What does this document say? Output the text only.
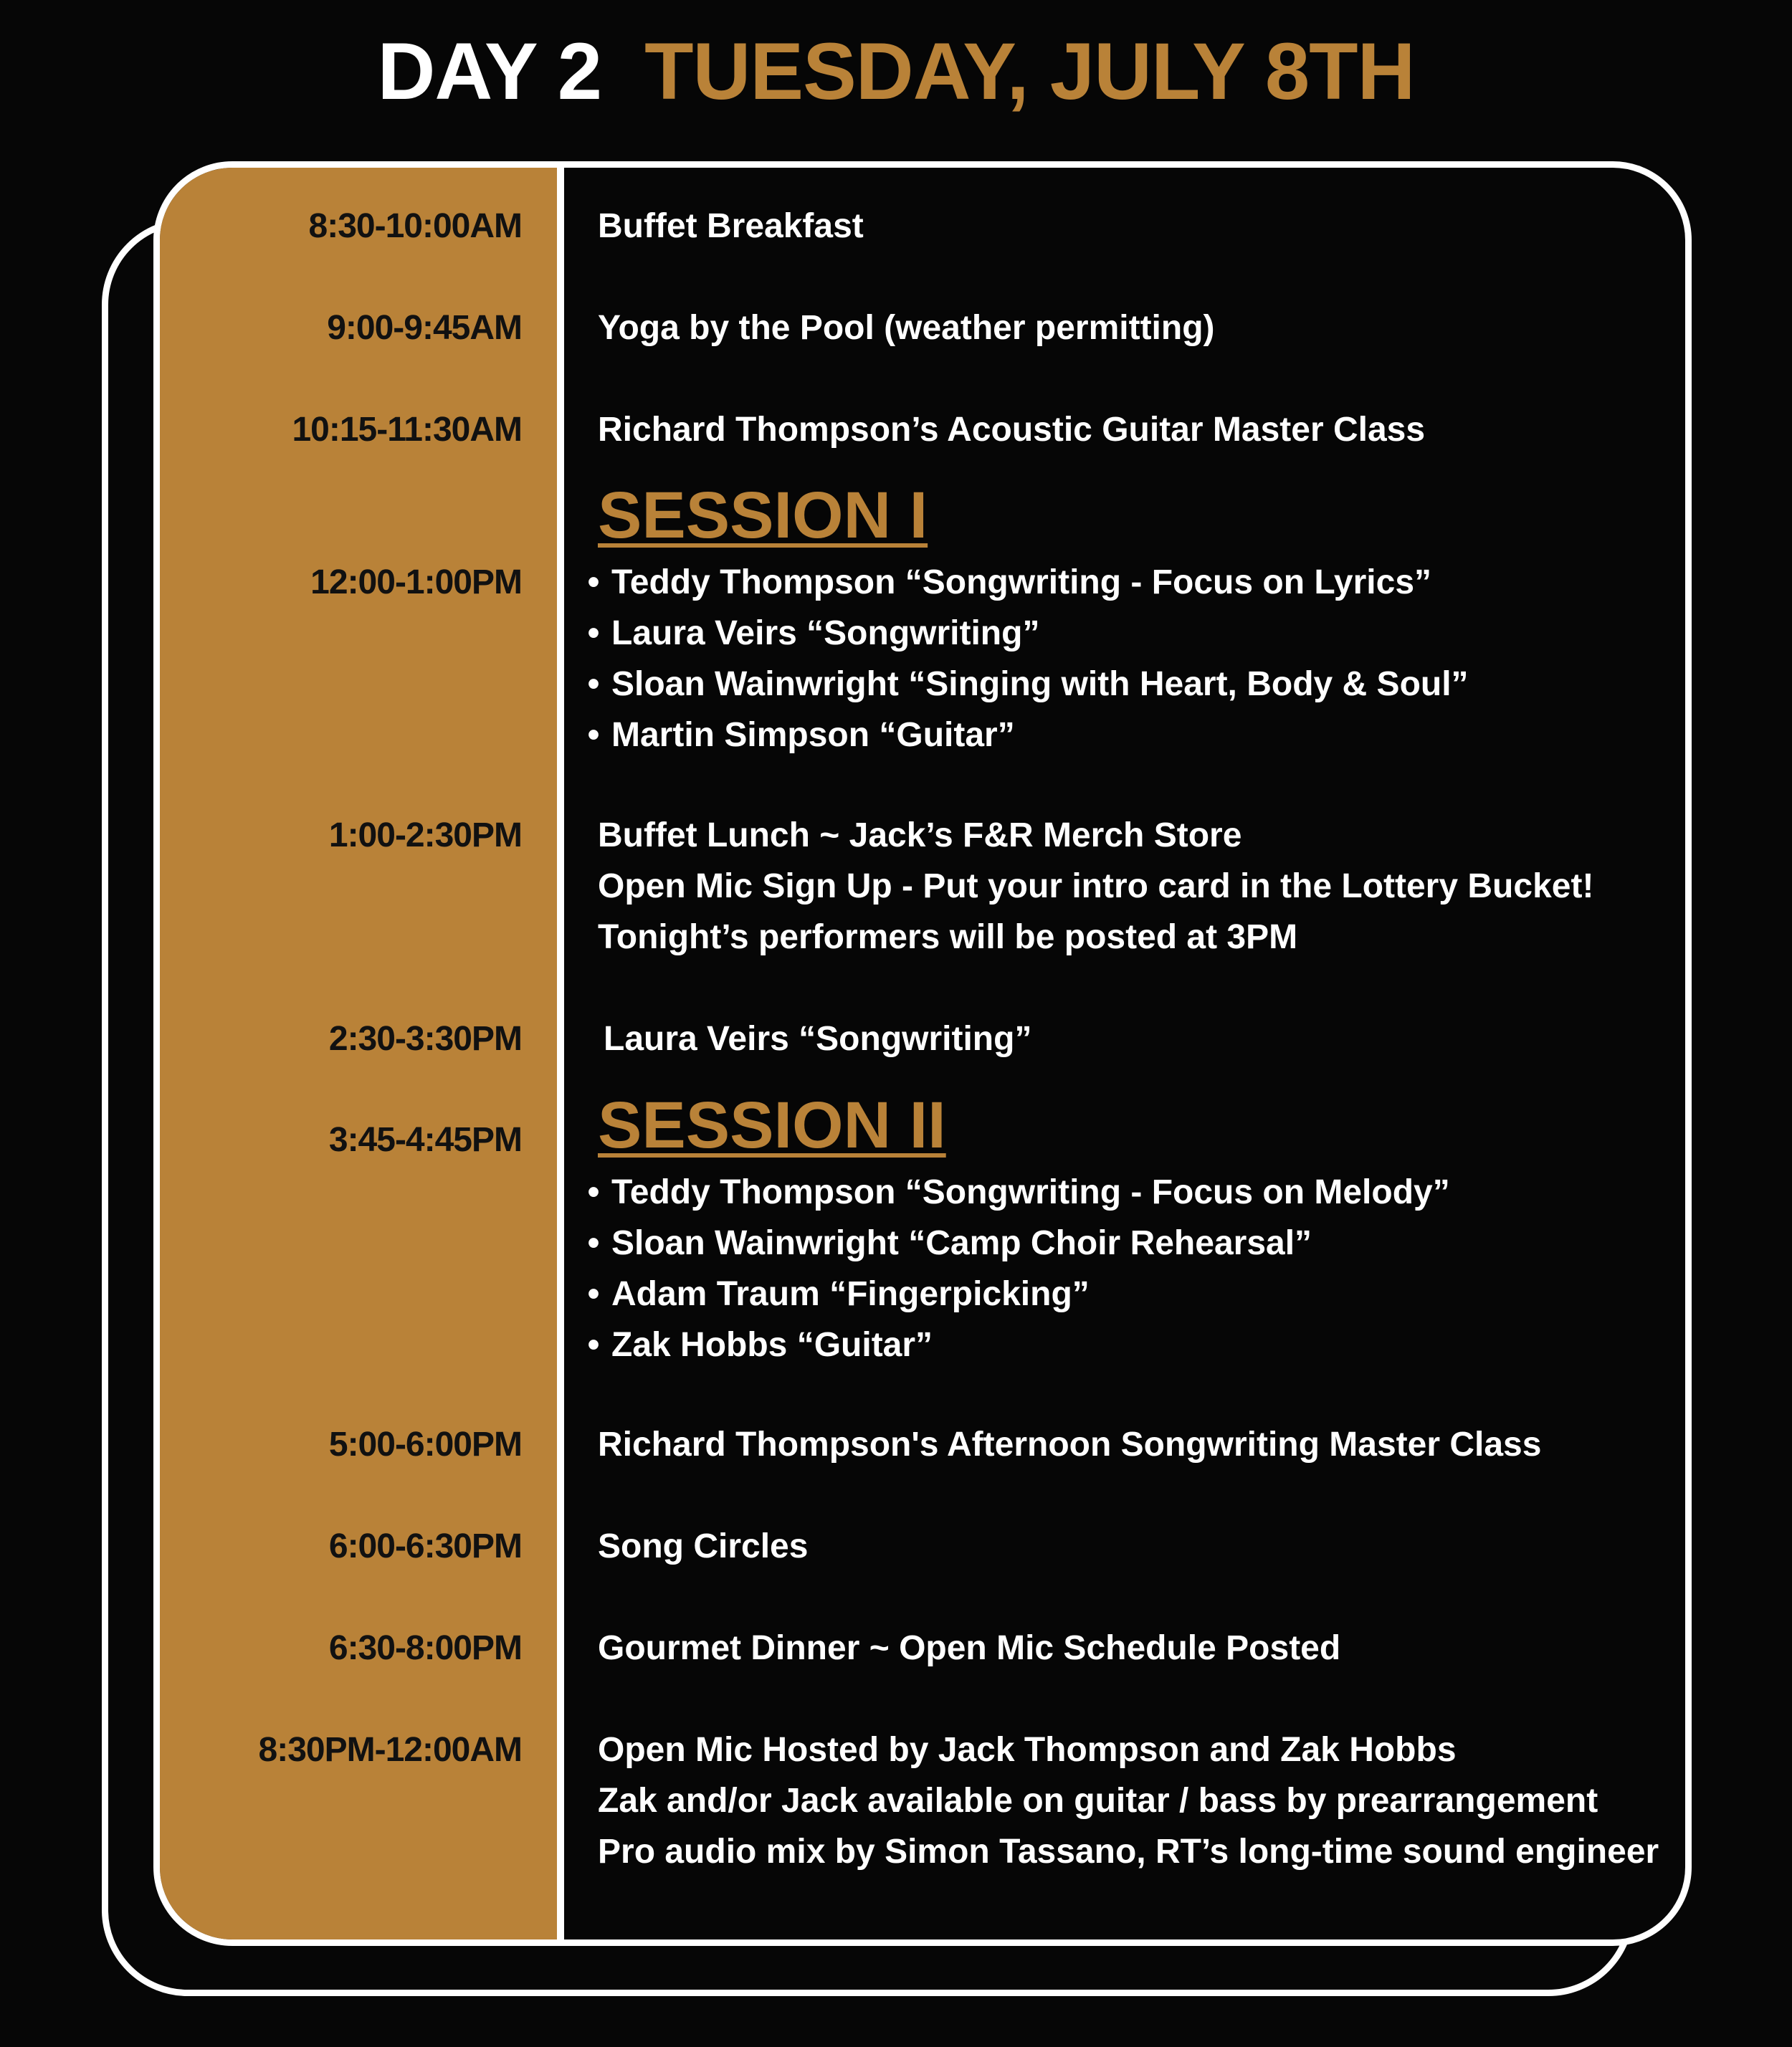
DAY 2 TUESDAY, JULY 8TH
8:30-10:00AM Buffet Breakfast
9:00-9:45AM Yoga by the Pool (weather permitting)
10:15-11:30AM Richard Thompson’s Acoustic Guitar Master Class
SESSION I
12:00-1:00PM • Teddy Thompson “Songwriting - Focus on Lyrics”
• Laura Veirs “Songwriting”
• Sloan Wainwright “Singing with Heart, Body & Soul”
• Martin Simpson “Guitar”
1:00-2:30PM Buffet Lunch ~ Jack’s F&R Merch Store
Open Mic Sign Up - Put your intro card in the Lottery Bucket!
Tonight’s performers will be posted at 3PM
2:30-3:30PM Laura Veirs “Songwriting”
SESSION II
3:45-4:45PM
• Teddy Thompson “Songwriting - Focus on Melody”
• Sloan Wainwright “Camp Choir Rehearsal”
• Adam Traum “Fingerpicking”
• Zak Hobbs “Guitar”
5:00-6:00PM Richard Thompson's Afternoon Songwriting Master Class
6:00-6:30PM Song Circles
6:30-8:00PM Gourmet Dinner ~ Open Mic Schedule Posted
8:30PM-12:00AM Open Mic Hosted by Jack Thompson and Zak Hobbs
Zak and/or Jack available on guitar / bass by prearrangement
Pro audio mix by Simon Tassano, RT’s long-time sound engineer
